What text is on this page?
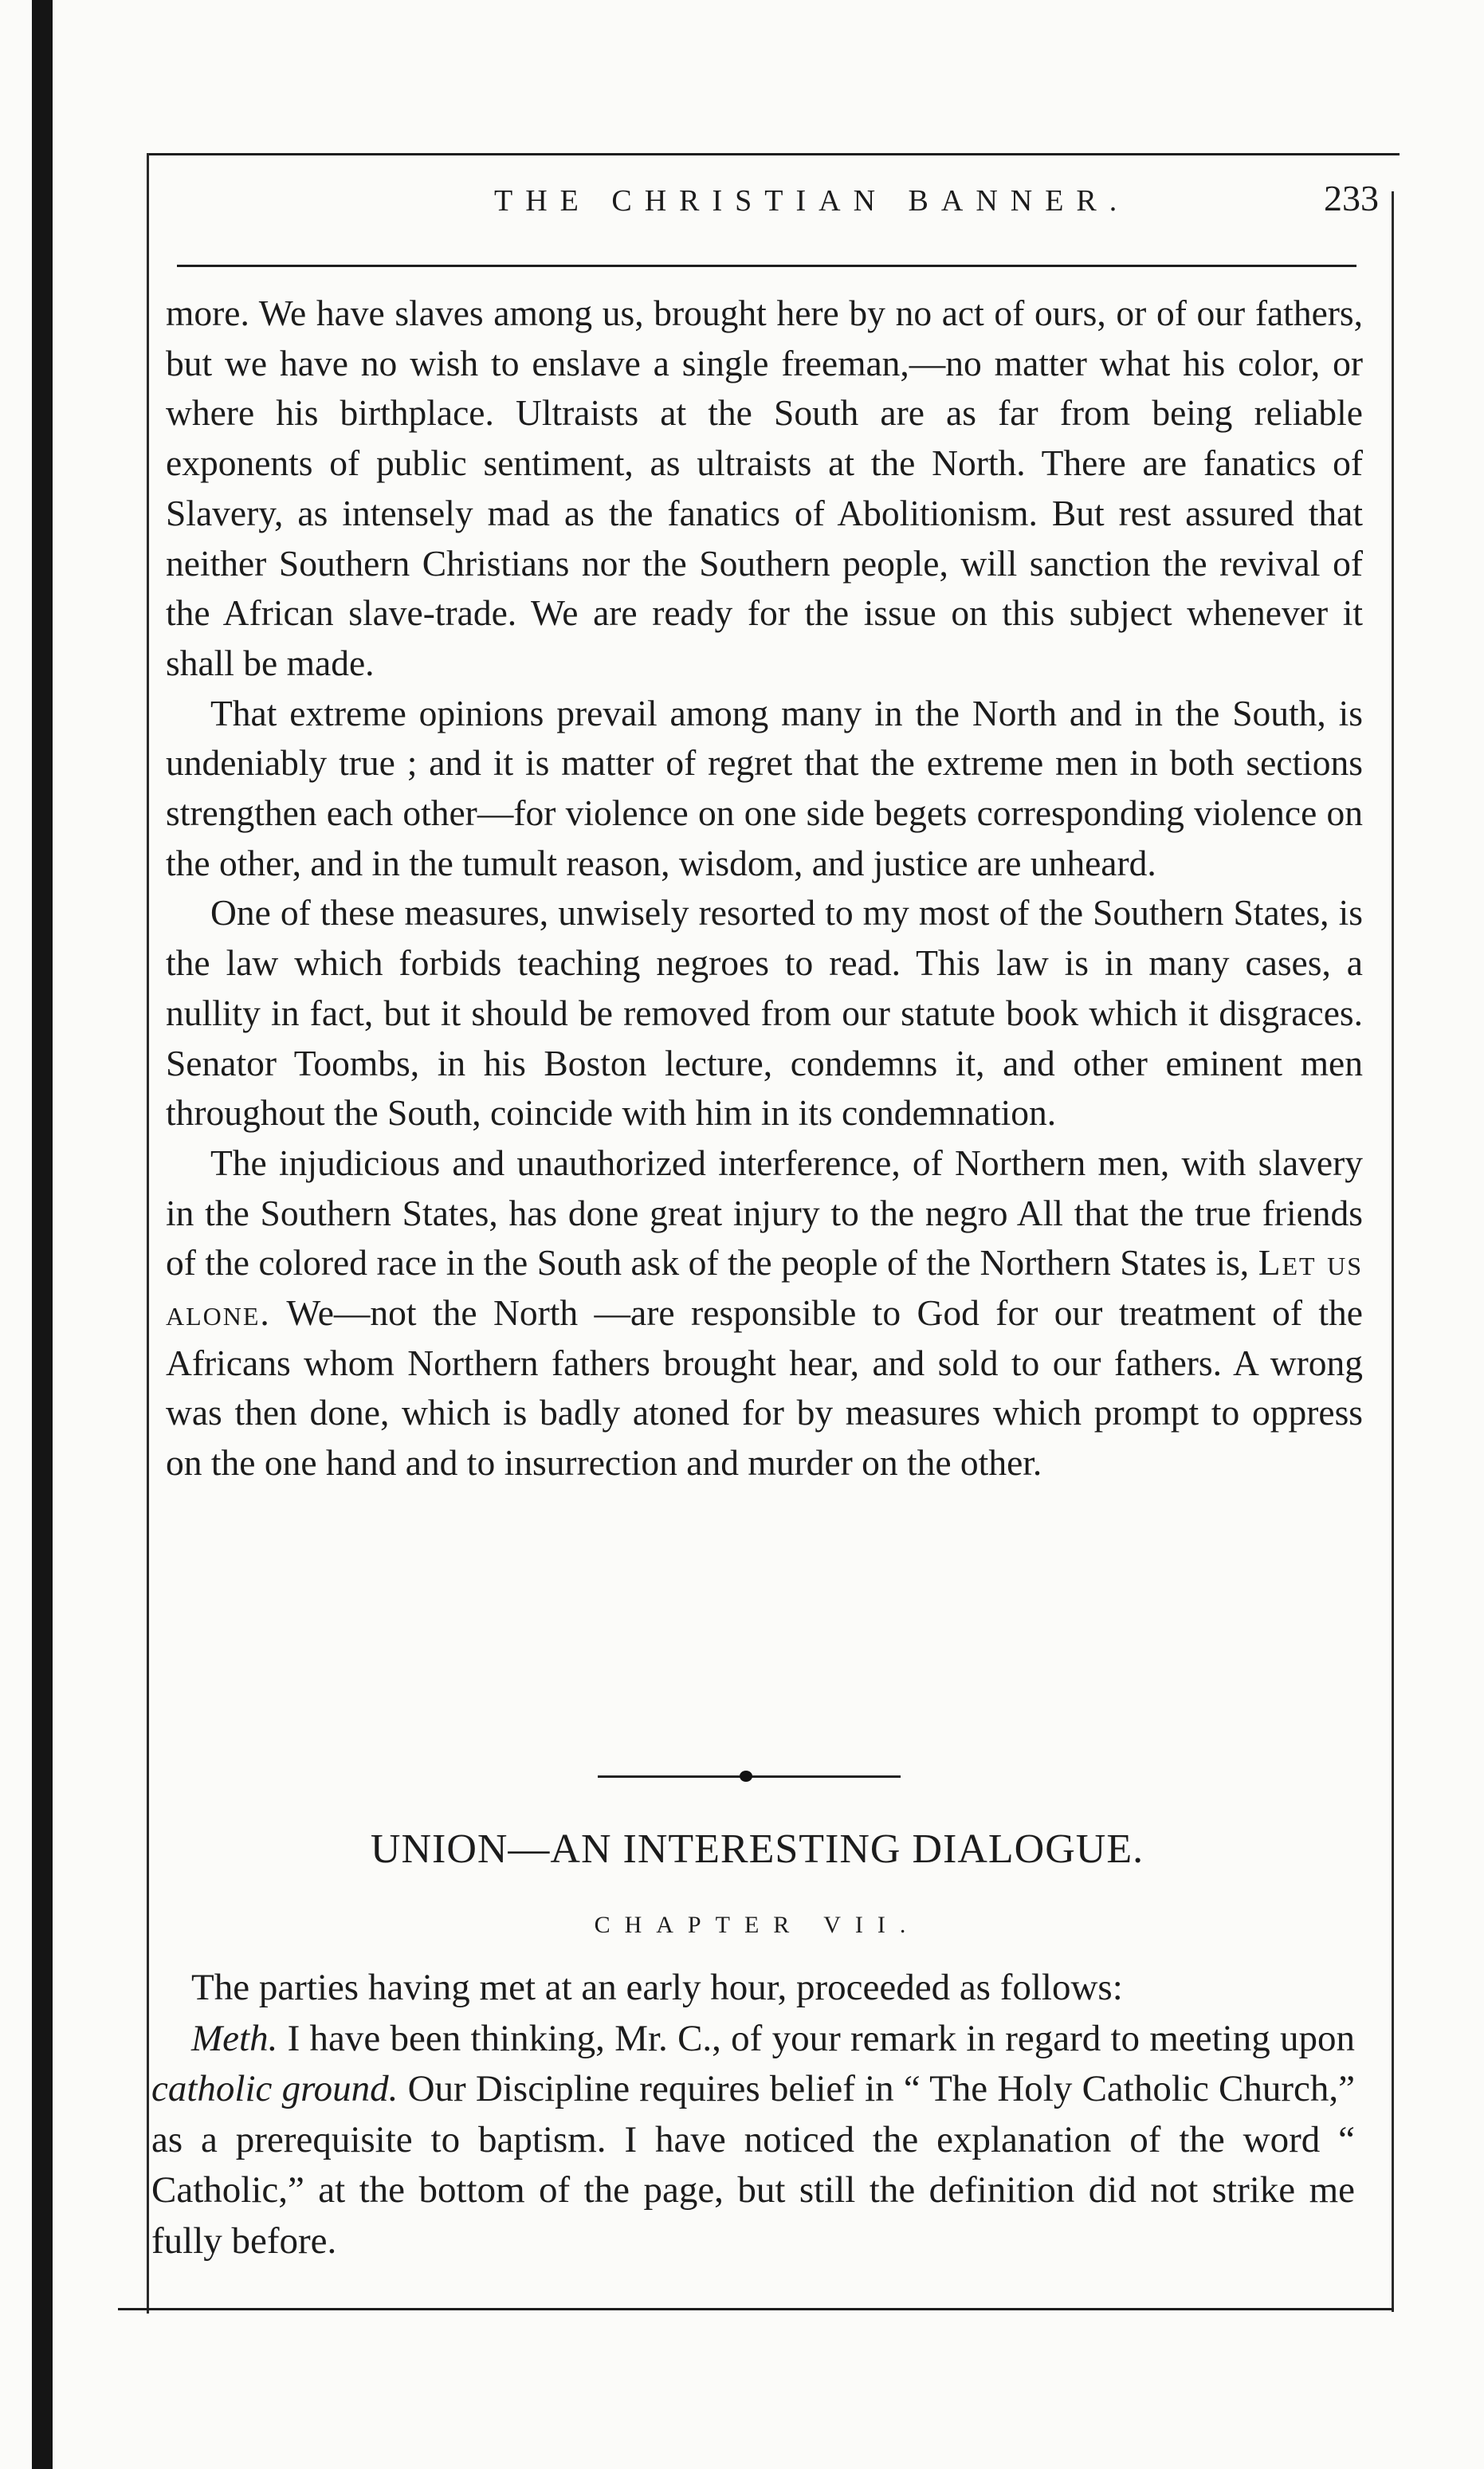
THE CHRISTIAN BANNER.	233

more. We have slaves among us, brought here by no act of ours, or of our fathers, but we have no wish to enslave a single freeman,—no matter what his color, or where his birthplace. Ultraists at the South are as far from being reliable exponents of public sentiment, as ultraists at the North. There are fanatics of Slavery, as intensely mad as the fanatics of Abolitionism. But rest assured that neither Southern Christians nor the Southern people, will sanction the revival of the African slave-trade. We are ready for the issue on this subject whenever it shall be made.

That extreme opinions prevail among many in the North and in the South, is undeniably true ; and it is matter of regret that the extreme men in both sections strengthen each other—for violence on one side begets corresponding violence on the other, and in the tumult reason, wisdom, and justice are unheard.

One of these measures, unwisely resorted to my most of the Southern States, is the law which forbids teaching negroes to read. This law is in many cases, a nullity in fact, but it should be removed from our statute book which it disgraces. Senator Toombs, in his Boston lecture, condemns it, and other eminent men throughout the South, coincide with him in its condemnation.

The injudicious and unauthorized interference, of Northern men, with slavery in the Southern States, has done great injury to the negro All that the true friends of the colored race in the South ask of the people of the Northern States is, Let us alone. We—not the North —are responsible to God for our treatment of the Africans whom Northern fathers brought hear, and sold to our fathers. A wrong was then done, which is badly atoned for by measures which prompt to oppress on the one hand and to insurrection and murder on the other.

UNION—AN INTERESTING DIALOGUE.
CHAPTER VII.

The parties having met at an early hour, proceeded as follows:

Meth. I have been thinking, Mr. C., of your remark in regard to meeting upon catholic ground. Our Discipline requires belief in “ The Holy Catholic Church,” as a prerequisite to baptism. I have noticed the explanation of the word “ Catholic,” at the bottom of the page, but still the definition did not strike me fully before.
